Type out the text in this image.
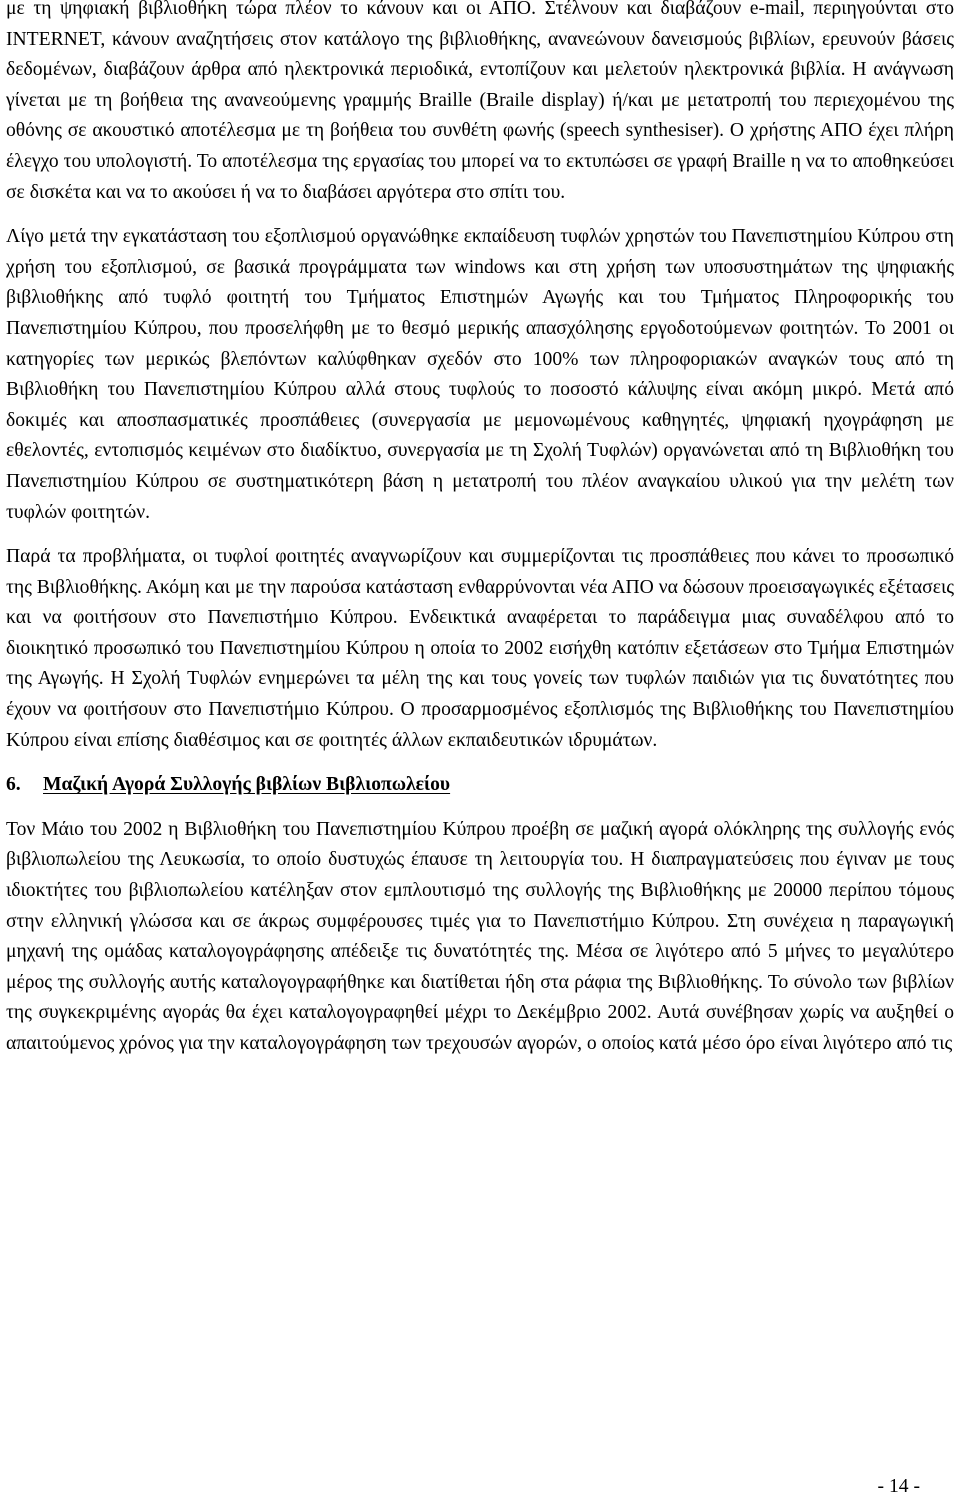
με τη ψηφιακή βιβλιοθήκη τώρα πλέον το κάνουν και οι ΑΠΟ. Στέλνουν και διαβάζουν e-mail, περιηγούνται στο INTERNET, κάνουν αναζητήσεις στον κατάλογο της βιβλιοθήκης, ανανεώνουν δανεισμούς βιβλίων, ερευνούν βάσεις δεδομένων, διαβάζουν άρθρα από ηλεκτρονικά περιοδικά, εντοπίζουν και μελετούν ηλεκτρονικά βιβλία. Η ανάγνωση γίνεται με τη βοήθεια της ανανεούμενης γραμμής Braille (Braile display) ή/και με μετατροπή του περιεχομένου της οθόνης σε ακουστικό αποτέλεσμα με τη βοήθεια του συνθέτη φωνής (speech synthesiser). Ο χρήστης ΑΠΟ έχει πλήρη έλεγχο του υπολογιστή. Το αποτέλεσμα της εργασίας του μπορεί να το εκτυπώσει σε γραφή Braille η να το αποθηκεύσει σε δισκέτα και να το ακούσει ή να το διαβάσει αργότερα στο σπίτι του.

Λίγο μετά την εγκατάσταση του εξοπλισμού οργανώθηκε εκπαίδευση τυφλών χρηστών του Πανεπιστημίου Κύπρου στη χρήση του εξοπλισμού, σε βασικά προγράμματα των windows και στη χρήση των υποσυστημάτων της ψηφιακής βιβλιοθήκης από τυφλό φοιτητή του Τμήματος Επιστημών Αγωγής και του Τμήματος Πληροφορικής του Πανεπιστημίου Κύπρου, που προσελήφθη με το θεσμό μερικής απασχόλησης εργοδοτούμενων φοιτητών. Το 2001 οι κατηγορίες των μερικώς βλεπόντων καλύφθηκαν σχεδόν στο 100% των πληροφοριακών αναγκών τους από τη Βιβλιοθήκη του Πανεπιστημίου Κύπρου αλλά στους τυφλούς το ποσοστό κάλυψης είναι ακόμη μικρό. Μετά από δοκιμές και αποσπασματικές προσπάθειες (συνεργασία με μεμονωμένους καθηγητές, ψηφιακή ηχογράφηση με εθελοντές, εντοπισμός κειμένων στο διαδίκτυο, συνεργασία με τη Σχολή Τυφλών) οργανώνεται από τη Βιβλιοθήκη του Πανεπιστημίου Κύπρου σε συστηματικότερη βάση η μετατροπή του πλέον αναγκαίου υλικού για την μελέτη των τυφλών φοιτητών.

Παρά τα προβλήματα, οι τυφλοί φοιτητές αναγνωρίζουν και συμμερίζονται τις προσπάθειες που κάνει το προσωπικό της Βιβλιοθήκης. Ακόμη και με την παρούσα κατάσταση ενθαρρύνονται νέα ΑΠΟ να δώσουν προεισαγωγικές εξέτασεις και να φοιτήσουν στο Πανεπιστήμιο Κύπρου. Ενδεικτικά αναφέρεται το παράδειγμα μιας συναδέλφου από το διοικητικό προσωπικό του Πανεπιστημίου Κύπρου η οποία το 2002 εισήχθη κατόπιν εξετάσεων στο Τμήμα Επιστημών της Αγωγής. Η Σχολή Τυφλών ενημερώνει τα μέλη της και τους γονείς των τυφλών παιδιών για τις δυνατότητες που έχουν να φοιτήσουν στο Πανεπιστήμιο Κύπρου. Ο προσαρμοσμένος εξοπλισμός της Βιβλιοθήκης του Πανεπιστημίου Κύπρου είναι επίσης διαθέσιμος και σε φοιτητές άλλων εκπαιδευτικών ιδρυμάτων.

6.	Μαζική Αγορά Συλλογής βιβλίων Βιβλιοπωλείου

Τον Μάιο του 2002 η Βιβλιοθήκη του Πανεπιστημίου Κύπρου προέβη σε μαζική αγορά ολόκληρης της συλλογής ενός βιβλιοπωλείου της Λευκωσία, το οποίο δυστυχώς έπαυσε τη λειτουργία του. Η διαπραγματεύσεις που έγιναν με τους ιδιοκτήτες του βιβλιοπωλείου κατέληξαν στον εμπλουτισμό της συλλογής της Βιβλιοθήκης με 20000 περίπου τόμους στην ελληνική γλώσσα και σε άκρως συμφέρουσες τιμές για το Πανεπιστήμιο Κύπρου. Στη συνέχεια η παραγωγική μηχανή της ομάδας καταλογογράφησης απέδειξε τις δυνατότητές της. Μέσα σε λιγότερο από 5 μήνες το μεγαλύτερο μέρος της συλλογής αυτής καταλογογραφήθηκε και διατίθεται ήδη στα ράφια της Βιβλιοθήκης. Το σύνολο των βιβλίων της συγκεκριμένης αγοράς θα έχει καταλογογραφηθεί μέχρι το Δεκέμβριο 2002. Αυτά συνέβησαν χωρίς να αυξηθεί ο απαιτούμενος χρόνος για την καταλογογράφηση των τρεχουσών αγορών, ο οποίος κατά μέσο όρο είναι λιγότερο από τις

- 14 -
